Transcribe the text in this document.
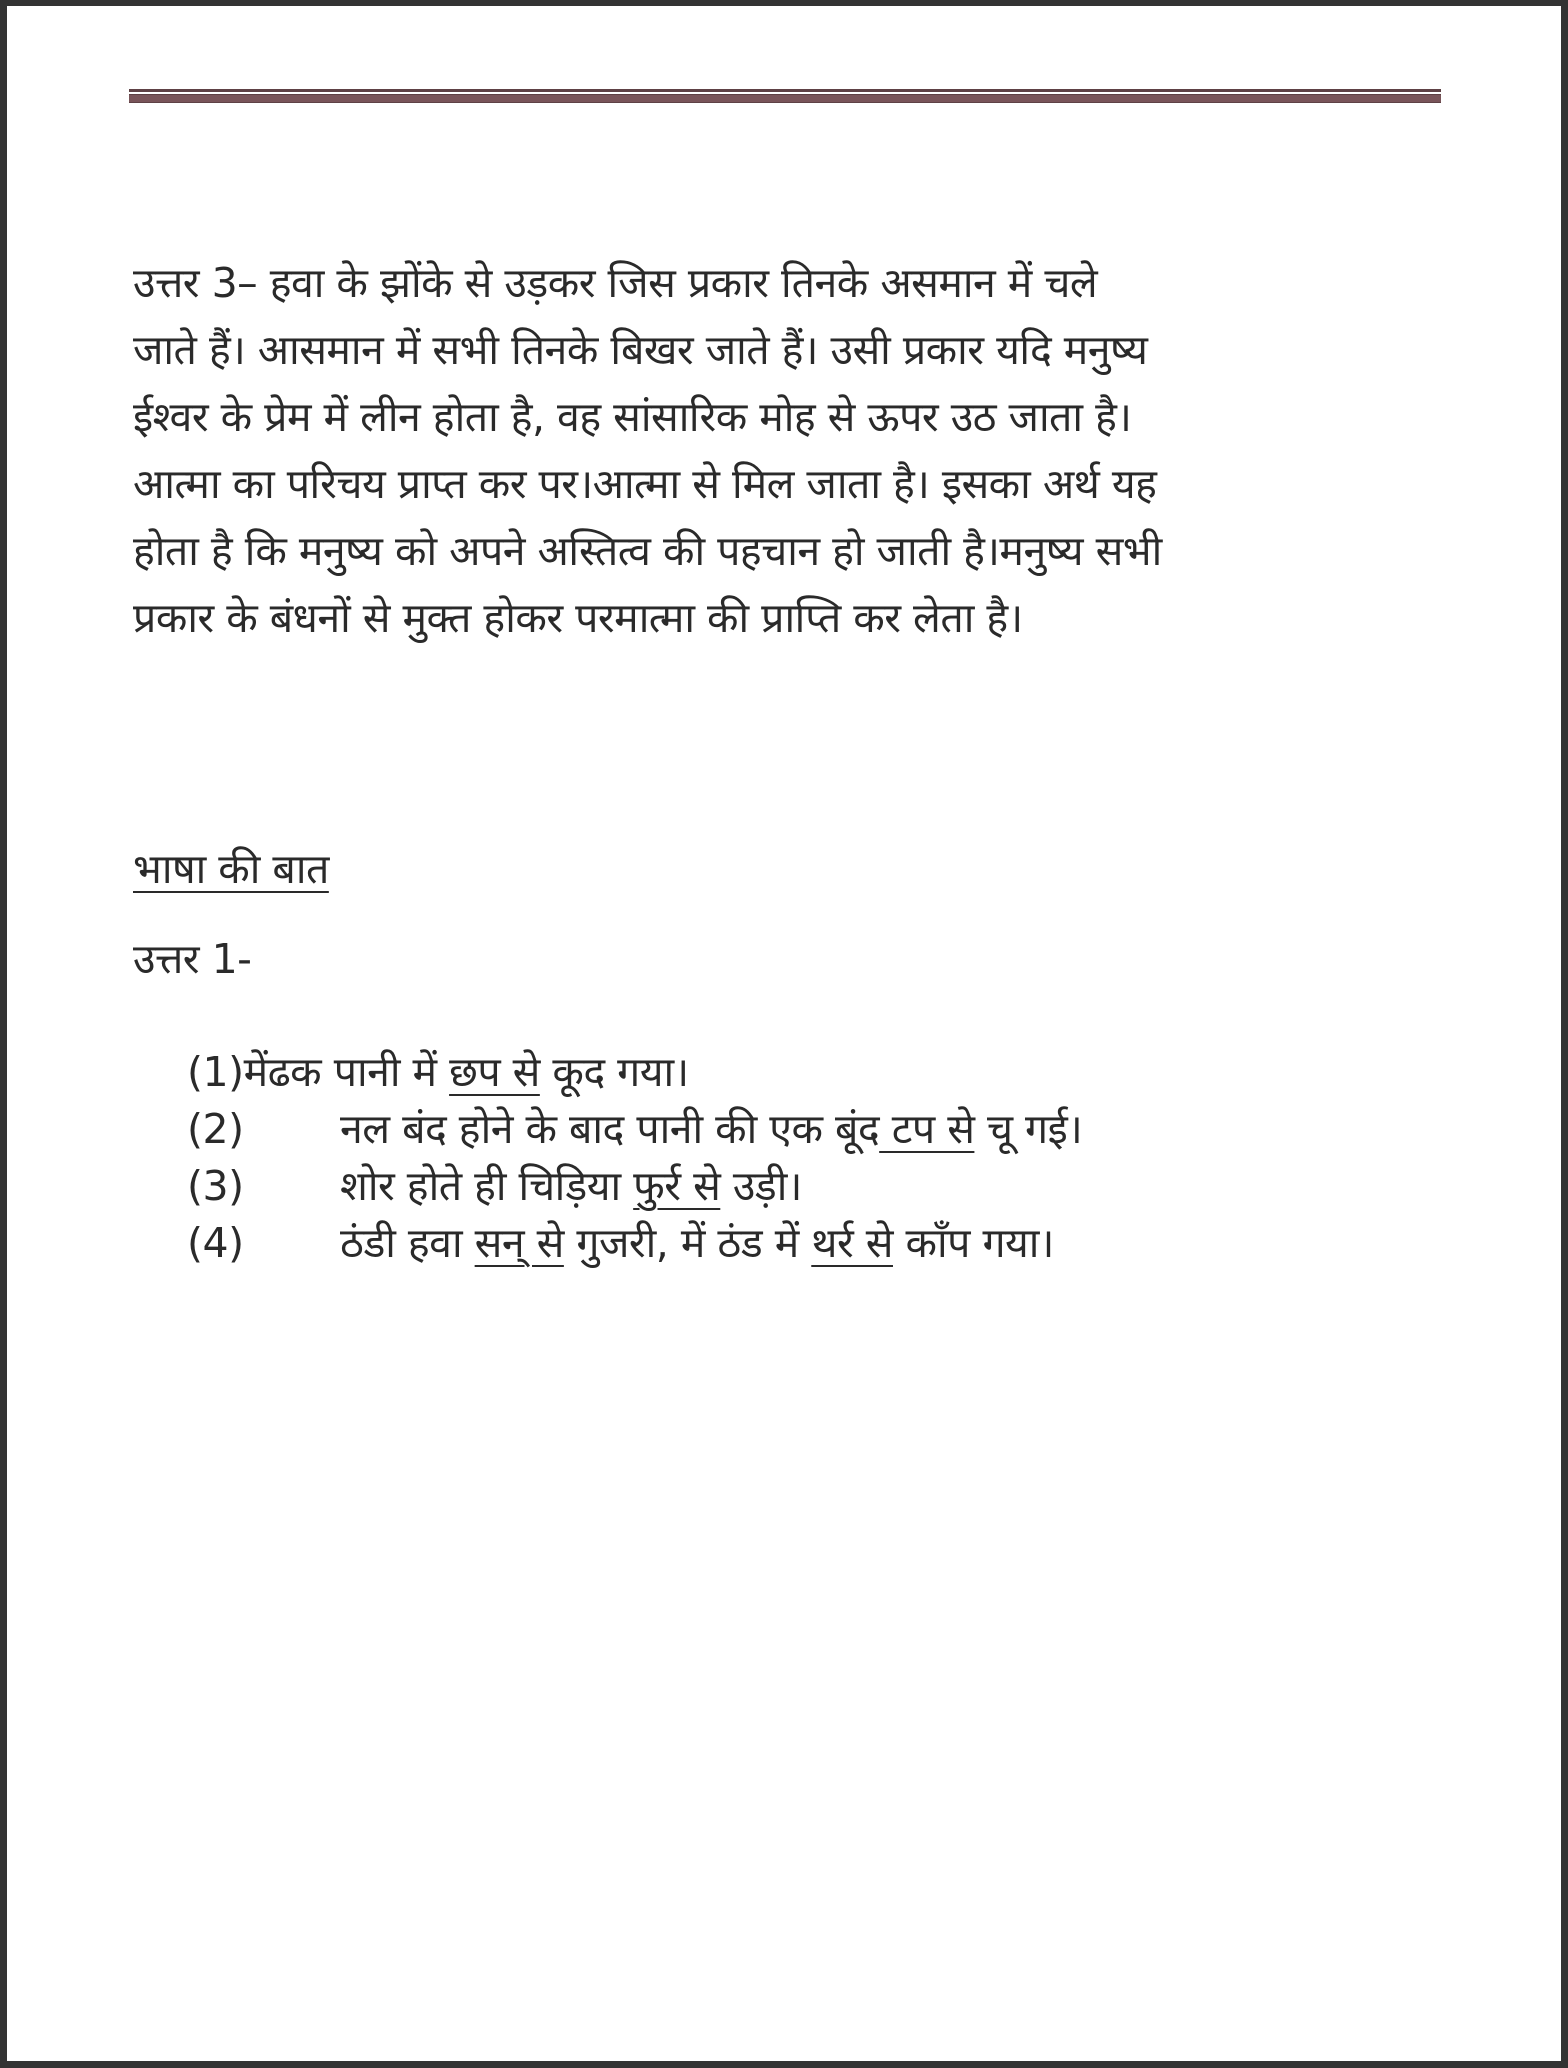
उत्तर 3– हवा के झोंके से उड़कर जिस प्रकार तिनके असमान में चले
जाते हैं। आसमान में सभी तिनके बिखर जाते हैं। उसी प्रकार यदि मनुष्य
ईश्वर के प्रेम में लीन होता है, वह सांसारिक मोह से ऊपर उठ जाता है।
आत्मा का परिचय प्राप्त कर पर।आत्मा से मिल जाता है। इसका अर्थ यह
होता है कि मनुष्य को अपने अस्तित्व की पहचान हो जाती है।मनुष्य सभी
प्रकार के बंधनों से मुक्त होकर परमात्मा की प्राप्ति कर लेता है।
भाषा की बात
उत्तर 1-
(1)मेंढक पानी में छप से कूद गया।
(2) नल बंद होने के बाद पानी की एक बूंद टप से चू गई।
(3) शोर होते ही चिड़िया फुर्र से उड़ी।
(4) ठंडी हवा सन् से गुजरी, में ठंड में थर्र से काँप गया।
